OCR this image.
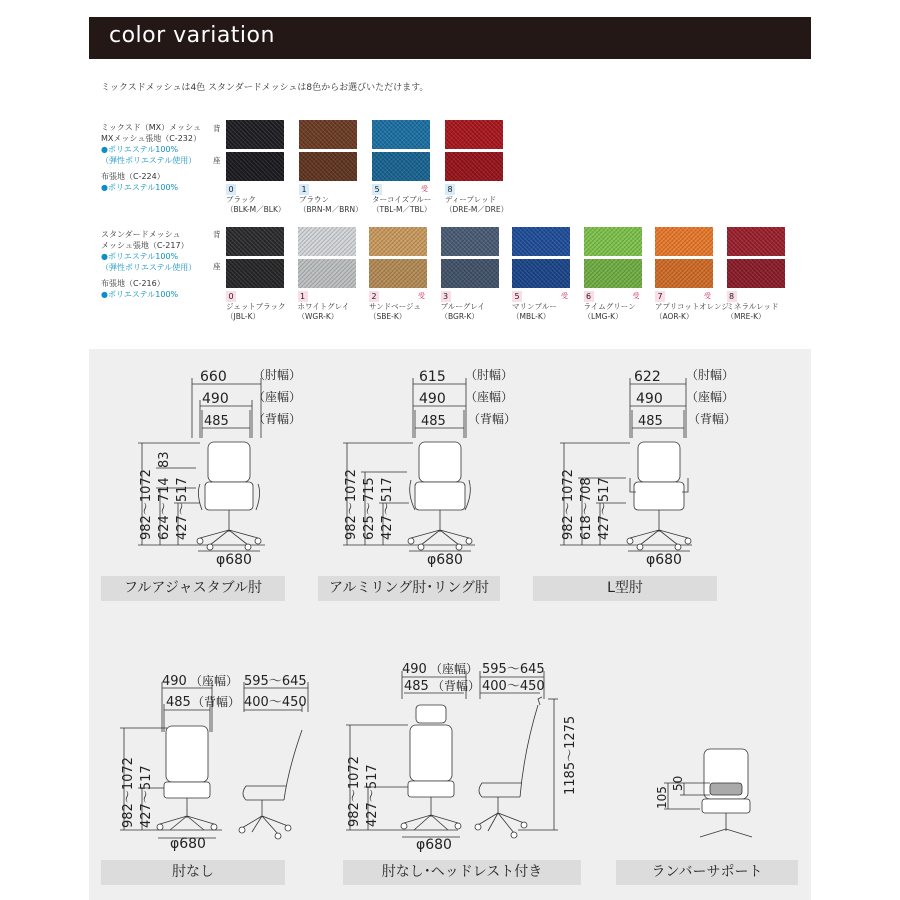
color variation
ミックスドメッシュは4色 スタンダードメッシュは8色からお選びいただけます。
ミックスド（MX）メッシュ
MXメッシュ張地（C-232）
●ポリエステル100%
（弾性ポリエステル使用）
布張地（C-224）
●ポリエステル100%
背
座
0
ブラック
（BLK-M／BLK）
1
ブラウン
（BRN-M／BRN）
5	受
ターコイズブルー
（TBL-M／TBL）
8
ディープレッド
（DRE-M／DRE）
スタンダードメッシュ
メッシュ張地（C-217）
●ポリエステル100%
（弾性ポリエステル使用）
布張地（C-216）
●ポリエステル100%
背
座
0
ジェットブラック
（JBL-K）
1
ホワイトグレイ
（WGR-K）
2	受
サンドベージュ
（SBE-K）
3
ブルーグレイ
（BGR-K）
5	受
マリンブルー
（MBL-K）
6	受
ライムグリーン
（LMG-K）
7	受
アプリコットオレンジ
（AOR-K）
8
ミネラルレッド
（MRE-K）
660 （肘幅）
490 （座幅）
485 （背幅）
φ680
982～1072 624～714 427～517
83
フルアジャスタブル肘
615 （肘幅）
490 （座幅）
485 （背幅）
φ680
982～1072 625～715 427～517
アルミリング肘･リング肘
622 （肘幅）
490 （座幅）
485 （背幅）
φ680
982～1072 618～708 427～517
L型肘
490 （座幅）
485 （背幅）
595～645
400～450
φ680
982～1072 427～517
肘なし
490 （座幅）
485 （背幅）
595～645
400～450
φ680
982～1072 427～517
1185～1275
肘なし･ヘッドレスト付き
105
50
ランバーサポート
